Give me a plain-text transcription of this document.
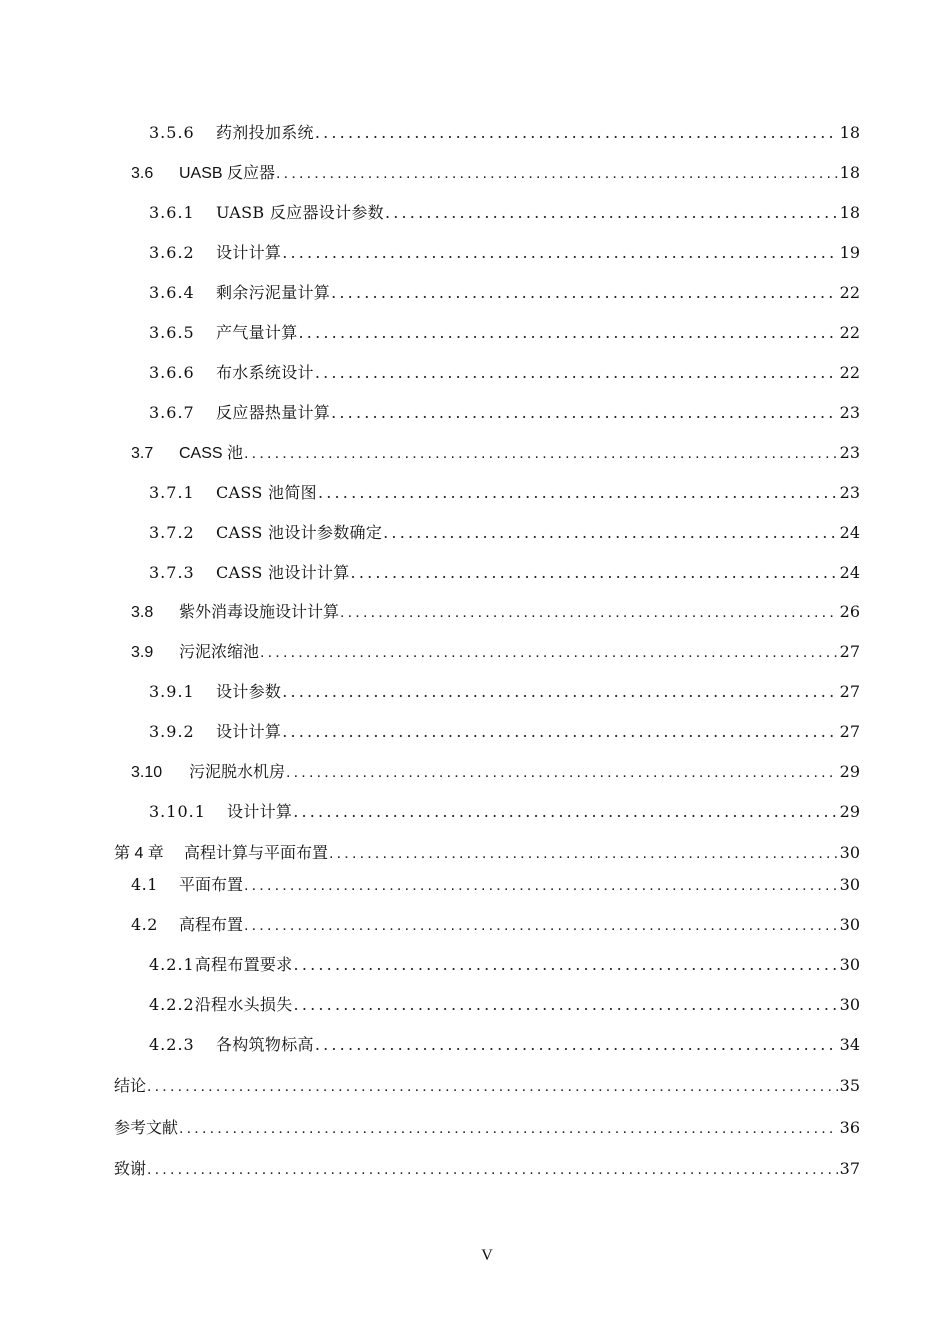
3.5.6	药剂投加系统 .....	18
3.6	UASB 反应器 .....	18
3.6.1	UASB 反应器设计参数 .....	18
3.6.2	设计计算 .....	19
3.6.4	剩余污泥量计算 .....	22
3.6.5	产气量计算 .....	22
3.6.6	布水系统设计 .....	22
3.6.7	反应器热量计算 .....	23
3.7	CASS 池 .....	23
3.7.1	CASS 池简图 .....	23
3.7.2	CASS 池设计参数确定 .....	24
3.7.3	CASS 池设计计算 .....	24
3.8	紫外消毒设施设计计算 .....	26
3.9	污泥浓缩池 .....	27
3.9.1	设计参数 .....	27
3.9.2	设计计算 .....	27
3.10	污泥脱水机房 .....	29
3.10.1	设计计算 .....	29
第 4 章	高程计算与平面布置 .....	30
4.1	平面布置 .....	30
4.2	高程布置 .....	30
4.2.1 高程布置要求 .....	30
4.2.2 沿程水头损失 .....	30
4.2.3	各构筑物标高 .....	34
结论 .....	35
参考文献 .....	36
致谢 .....	37
V
